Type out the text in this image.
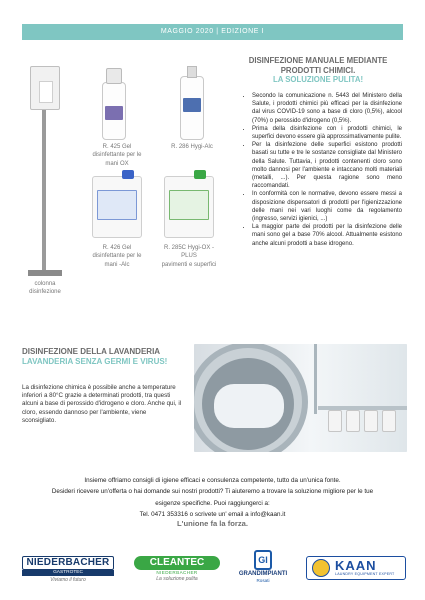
MAGGIO 2020 | EDIZIONE I
colonna
disinfezione
R. 425 Gel
disinfettante per le
mani OX
R. 286 Hygi-Alc
R. 426 Gel
disinfettante per le
mani -Alc
R. 285C Hygi-OX -
PLUS
pavimenti e superfici
DISINFEZIONE MANUALE MEDIANTE
PRODOTTI CHIMICI.
LA SOLUZIONE PULITA!
• Secondo la comunicazione n. 5443 del Ministero della Salute, i prodotti chimici più efficaci per la disinfezione dal virus COVID-19 sono a base di cloro (0,5%), alcool (70%) o perossido d'idrogeno (0,5%).
• Prima della disinfezione con i prodotti chimici, le superfici devono essere già approssimativamente pulite.
• Per la disinfezione delle superfici esistono prodotti basati su tutte e tre le sostanze consigliate dal Ministero della Salute. Tuttavia, i prodotti contenenti cloro sono molto dannosi per l'ambiente e intaccano molti materiali (metalli, ...). Per questa ragione sono meno raccomandati.
• In conformità con le normative, devono essere messi a disposizione dispensatori di prodotti per l'igienizzazione delle mani nei vari luoghi come da regolamento (ingresso, servizi igienici, ...)
• La maggior parte dei prodotti per la disinfezione delle mani sono gel a base 70% alcool. Attualmente esistono anche alcuni prodotti a base idrogeno.
DISINFEZIONE DELLA LAVANDERIA
LAVANDERIA SENZA GERMI E VIRUS!
La disinfezione chimica è possibile anche a temperature inferiori a 80°C grazie a determinati prodotti, tra questi alcuni a base di perossido d'idrogeno e cloro. Anche qui, il cloro, essendo dannoso per l'ambiente, viene sconsigliato.
Insieme offriamo consigli di igiene efficaci e consulenza competente, tutto da un'unica fonte.
Desideri ricevere un'offerta o hai domande sui nostri prodotti? Ti aiuteremo a trovare la soluzione migliore per le tue
esigenze specifiche. Puoi raggiungerci a:
Tel. 0471 353316 o scrivete un' email a info@kaan.it
L'unione fa la forza.
NIEDERBACHER
GASTROTEC
Viviamo il futuro
CLEANTEC
NIEDERBACHER
La soluzione pulita
GI
GRANDIMPIANTI
Rosati
KAAN
LAUNDRY EQUIPMENT EXPERT
